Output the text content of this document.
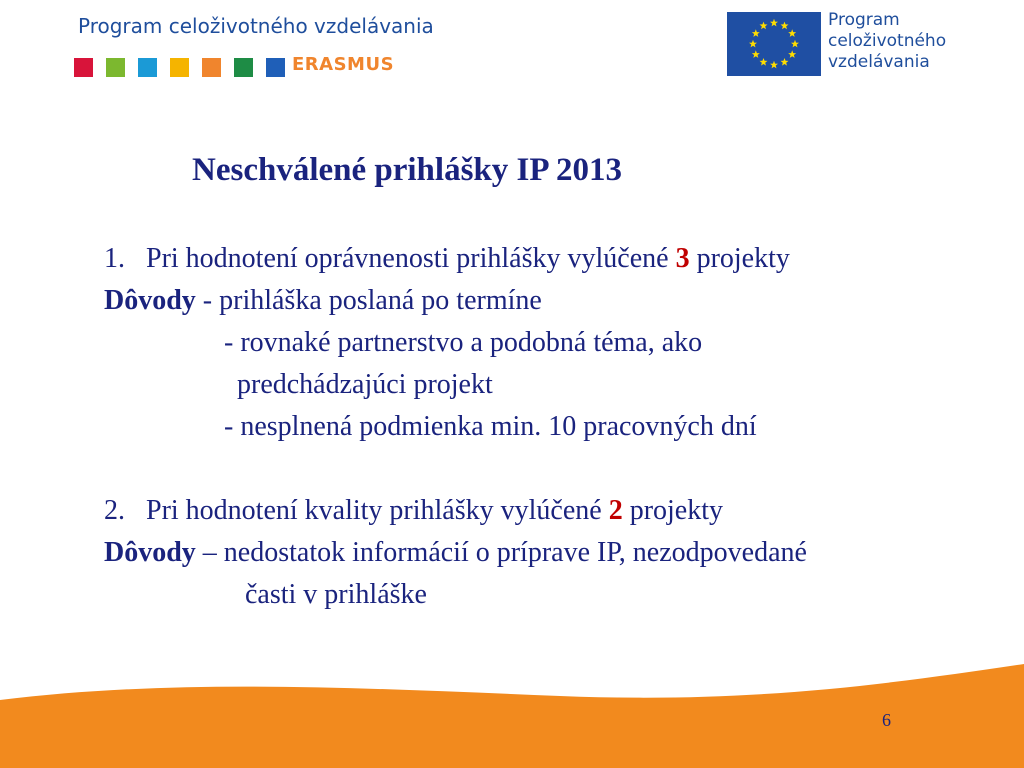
Program celoživotného vzdelávania
ERASMUS
Program
celoživotného
vzdelávania
Neschválené prihlášky IP 2013
1. Pri hodnotení oprávnenosti prihlášky vylúčené 3 projekty
Dôvody - prihláška poslaná po termíne
- rovnaké partnerstvo a podobná téma, ako
predchádzajúci projekt
- nesplnená podmienka min. 10 pracovných dní
2. Pri hodnotení kvality prihlášky vylúčené 2 projekty
Dôvody – nedostatok informácií o príprave IP, nezodpovedané
časti v prihláške
6
